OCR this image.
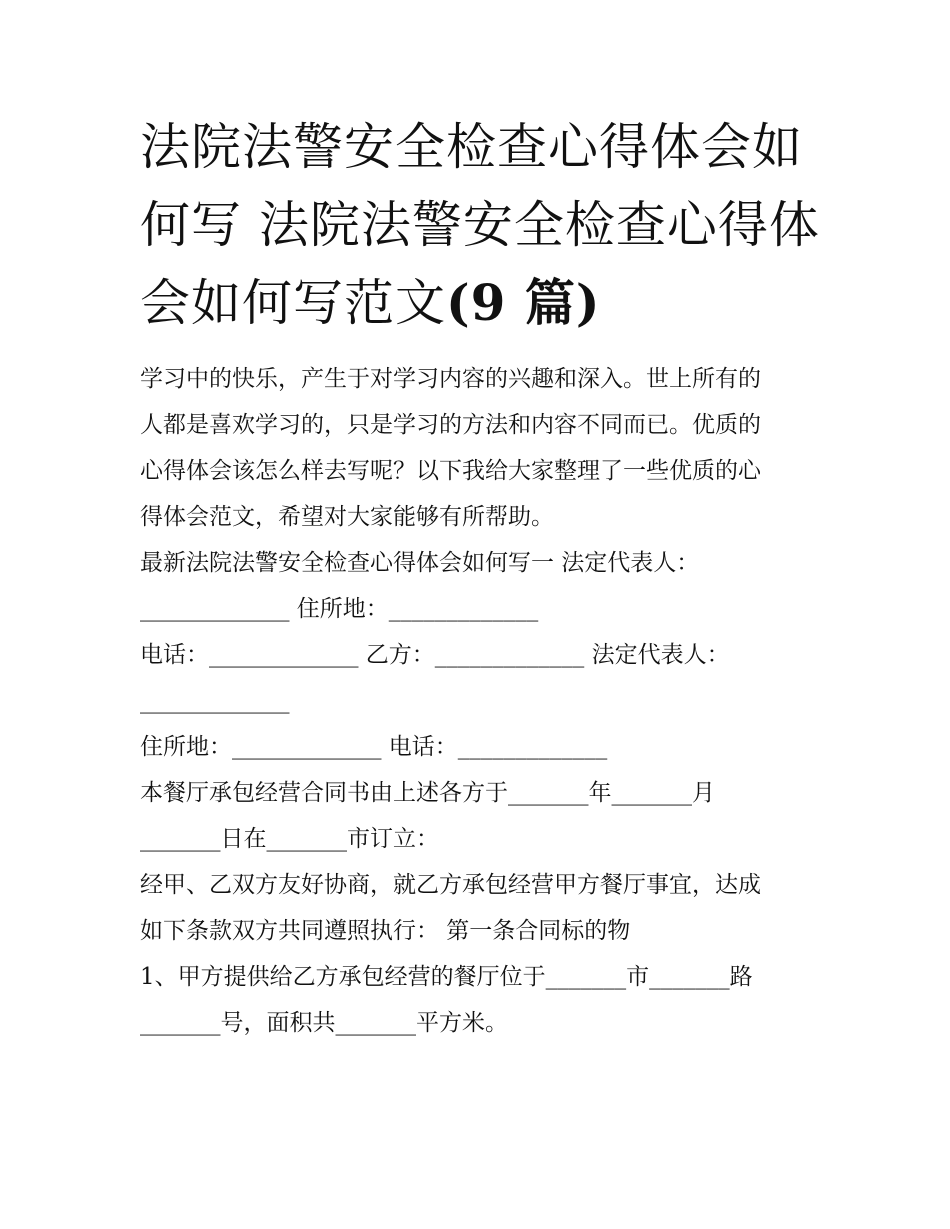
法院法警安全检查心得体会如
何写 法院法警安全检查心得体
会如何写范文(9 篇)

学习中的快乐，产生于对学习内容的兴趣和深入。世上所有的

人都是喜欢学习的，只是学习的方法和内容不同而已。优质的

心得体会该怎么样去写呢？以下我给大家整理了一些优质的心

得体会范文，希望对大家能够有所帮助。

最新法院法警安全检查心得体会如何写一 法定代表人：

_____________ 住所地：_____________

电话：_____________ 乙方：_____________ 法定代表人：

_____________

住所地：_____________ 电话：_____________

本餐厅承包经营合同书由上述各方于_______年_______月

_______日在_______市订立：

经甲、乙双方友好协商，就乙方承包经营甲方餐厅事宜，达成

如下条款双方共同遵照执行： 第一条合同标的物

1、甲方提供给乙方承包经营的餐厅位于_______市_______路

_______号，面积共_______平方米。
